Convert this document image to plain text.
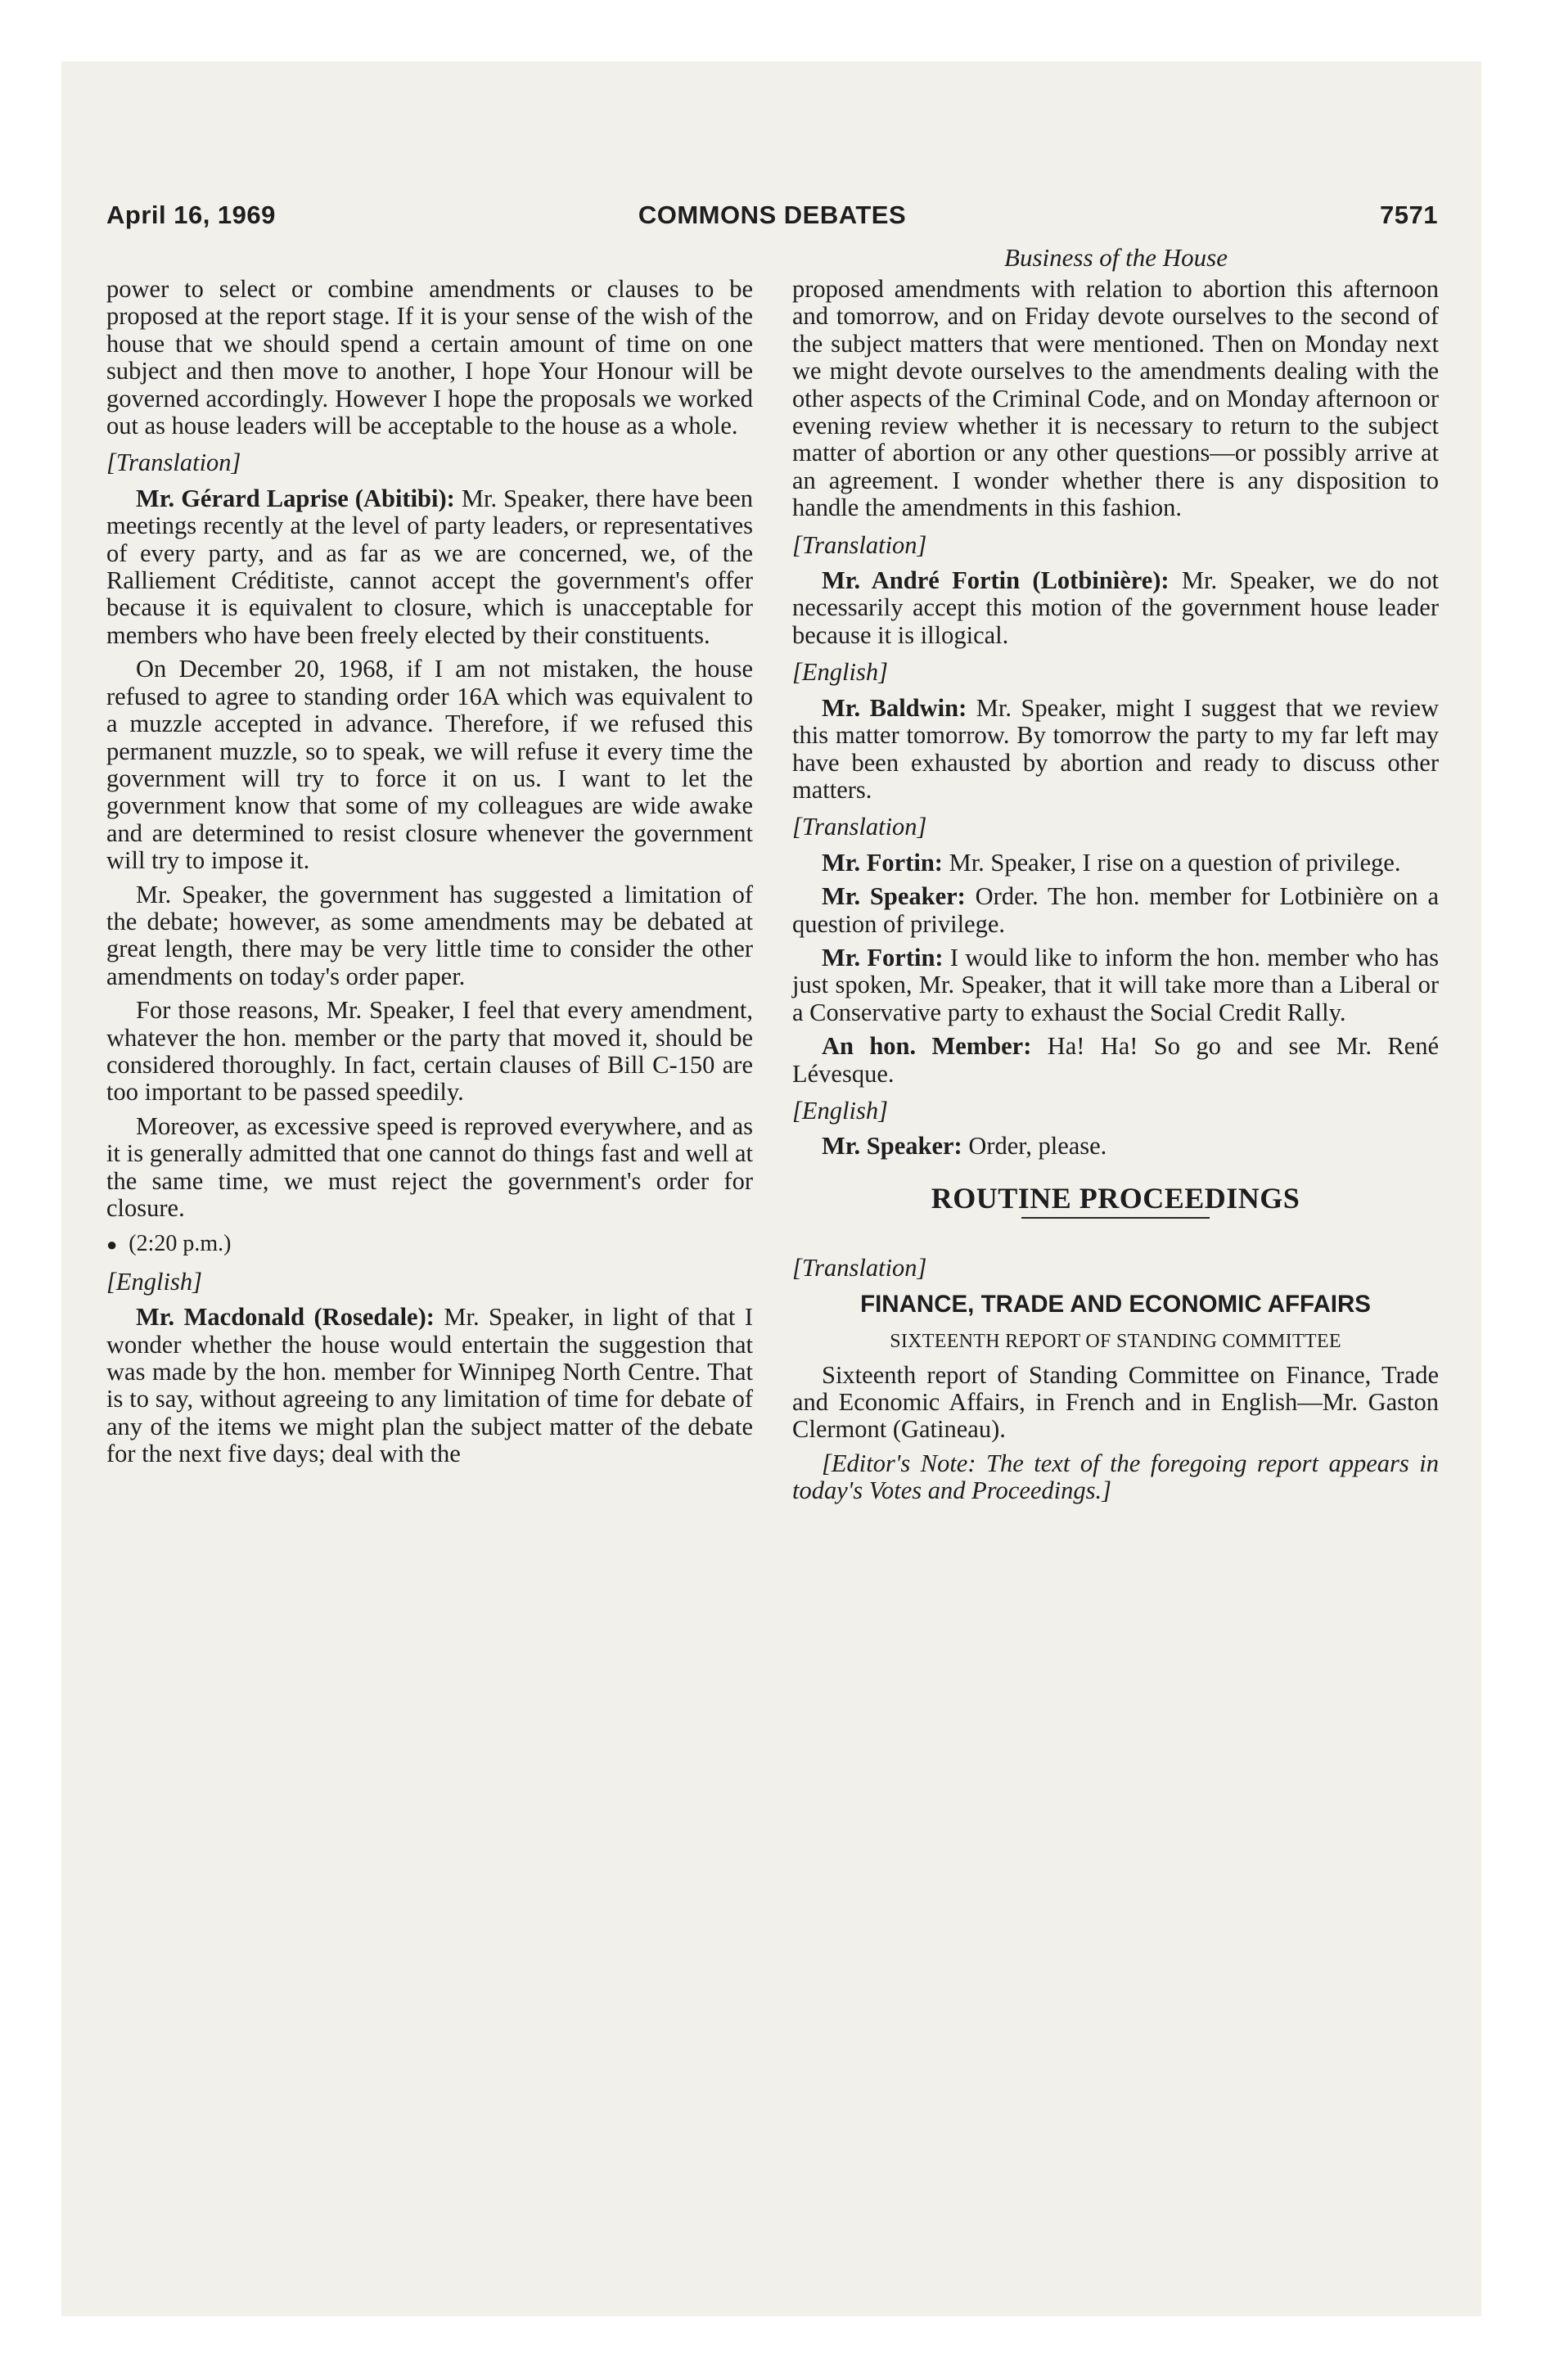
April 16, 1969	COMMONS DEBATES	7571
Business of the House

power to select or combine amendments or clauses to be proposed at the report stage. If it is your sense of the wish of the house that we should spend a certain amount of time on one subject and then move to another, I hope Your Honour will be governed accordingly. However I hope the proposals we worked out as house leaders will be acceptable to the house as a whole.

[Translation]

Mr. Gérard Laprise (Abitibi): Mr. Speaker, there have been meetings recently at the level of party leaders, or representatives of every party, and as far as we are concerned, we, of the Ralliement Créditiste, cannot accept the government's offer because it is equivalent to closure, which is unacceptable for members who have been freely elected by their constituents.

On December 20, 1968, if I am not mistaken, the house refused to agree to standing order 16A which was equivalent to a muzzle accepted in advance. Therefore, if we refused this permanent muzzle, so to speak, we will refuse it every time the government will try to force it on us. I want to let the government know that some of my colleagues are wide awake and are determined to resist closure whenever the government will try to impose it.

Mr. Speaker, the government has suggested a limitation of the debate; however, as some amendments may be debated at great length, there may be very little time to consider the other amendments on today's order paper.

For those reasons, Mr. Speaker, I feel that every amendment, whatever the hon. member or the party that moved it, should be considered thoroughly. In fact, certain clauses of Bill C-150 are too important to be passed speedily.

Moreover, as excessive speed is reproved everywhere, and as it is generally admitted that one cannot do things fast and well at the same time, we must reject the government's order for closure.

● (2:20 p.m.)
[English]

Mr. Macdonald (Rosedale): Mr. Speaker, in light of that I wonder whether the house would entertain the suggestion that was made by the hon. member for Winnipeg North Centre. That is to say, without agreeing to any limitation of time for debate of any of the items we might plan the subject matter of the debate for the next five days; deal with the

proposed amendments with relation to abortion this afternoon and tomorrow, and on Friday devote ourselves to the second of the subject matters that were mentioned. Then on Monday next we might devote ourselves to the amendments dealing with the other aspects of the Criminal Code, and on Monday afternoon or evening review whether it is necessary to return to the subject matter of abortion or any other questions—or possibly arrive at an agreement. I wonder whether there is any disposition to handle the amendments in this fashion.

[Translation]

Mr. André Fortin (Lotbinière): Mr. Speaker, we do not necessarily accept this motion of the government house leader because it is illogical.

[English]

Mr. Baldwin: Mr. Speaker, might I suggest that we review this matter tomorrow. By tomorrow the party to my far left may have been exhausted by abortion and ready to discuss other matters.

[Translation]

Mr. Fortin: Mr. Speaker, I rise on a question of privilege.

Mr. Speaker: Order. The hon. member for Lotbinière on a question of privilege.

Mr. Fortin: I would like to inform the hon. member who has just spoken, Mr. Speaker, that it will take more than a Liberal or a Conservative party to exhaust the Social Credit Rally.

An hon. Member: Ha! Ha! So go and see Mr. René Lévesque.

[English]

Mr. Speaker: Order, please.

ROUTINE PROCEEDINGS
[Translation]
FINANCE, TRADE AND ECONOMIC AFFAIRS
SIXTEENTH REPORT OF STANDING COMMITTEE

Sixteenth report of Standing Committee on Finance, Trade and Economic Affairs, in French and in English—Mr. Gaston Clermont (Gatineau).

[Editor's Note: The text of the foregoing report appears in today's Votes and Proceedings.]
